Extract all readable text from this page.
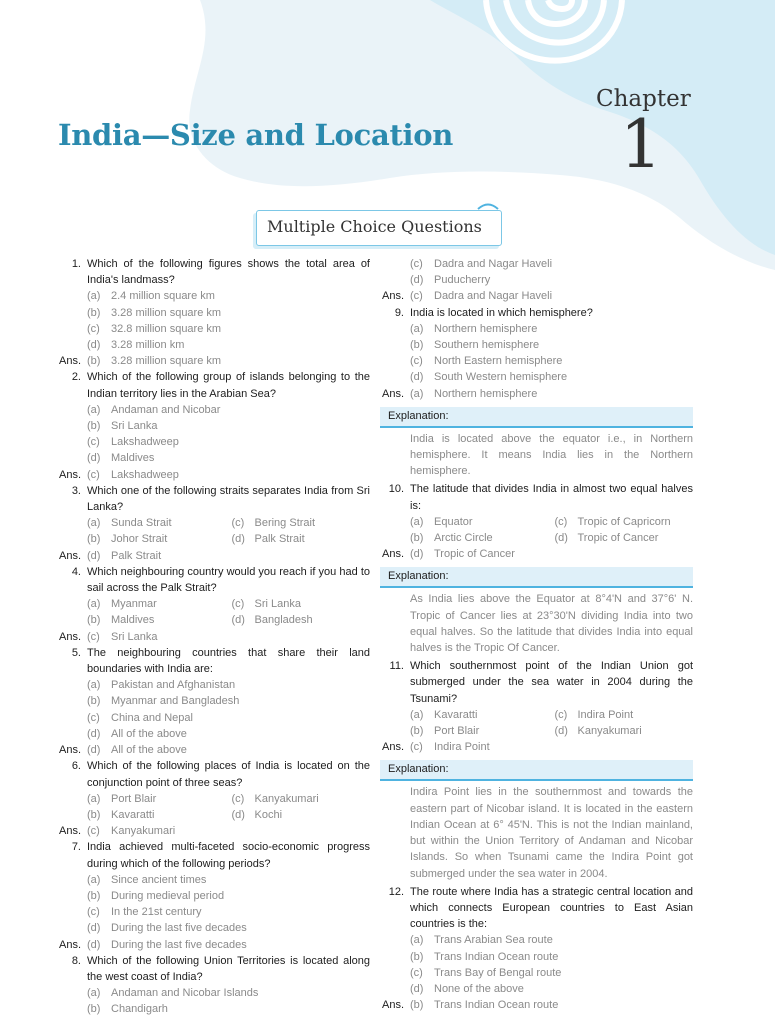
Chapter
1
India—Size and Location
Multiple Choice Questions
1. Which of the following figures shows the total area of India's landmass?
(a) 2.4 million square km
(b) 3.28 million square km
(c) 32.8 million square km
(d) 3.28 million km
Ans. (b) 3.28 million square km
2. Which of the following group of islands belonging to the Indian territory lies in the Arabian Sea?
(a) Andaman and Nicobar
(b) Sri Lanka
(c) Lakshadweep
(d) Maldives
Ans. (c) Lakshadweep
3. Which one of the following straits separates India from Sri Lanka?
(a) Sunda Strait	(c) Bering Strait
(b) Johor Strait	(d) Palk Strait
Ans. (d) Palk Strait
4. Which neighbouring country would you reach if you had to sail across the Palk Strait?
(a) Myanmar	(c) Sri Lanka
(b) Maldives	(d) Bangladesh
Ans. (c) Sri Lanka
5. The neighbouring countries that share their land boundaries with India are:
(a) Pakistan and Afghanistan
(b) Myanmar and Bangladesh
(c) China and Nepal
(d) All of the above
Ans. (d) All of the above
6. Which of the following places of India is located on the conjunction point of three seas?
(a) Port Blair	(c) Kanyakumari
(b) Kavaratti	(d) Kochi
Ans. (c) Kanyakumari
7. India achieved multi-faceted socio-economic progress during which of the following periods?
(a) Since ancient times
(b) During medieval period
(c) In the 21st century
(d) During the last five decades
Ans. (d) During the last five decades
8. Which of the following Union Territories is located along the west coast of India?
(a) Andaman and Nicobar Islands
(b) Chandigarh
(c) Dadra and Nagar Haveli
(d) Puducherry
Ans. (c) Dadra and Nagar Haveli
9. India is located in which hemisphere?
(a) Northern hemisphere
(b) Southern hemisphere
(c) North Eastern hemisphere
(d) South Western hemisphere
Ans. (a) Northern hemisphere
Explanation:
India is located above the equator i.e., in Northern hemisphere. It means India lies in the Northern hemisphere.
10. The latitude that divides India in almost two equal halves is:
(a) Equator	(c) Tropic of Capricorn
(b) Arctic Circle	(d) Tropic of Cancer
Ans. (d) Tropic of Cancer
Explanation:
As India lies above the Equator at 8°4'N and 37°6' N. Tropic of Cancer lies at 23°30'N dividing India into two equal halves. So the latitude that divides India into equal halves is the Tropic Of Cancer.
11. Which southernmost point of the Indian Union got submerged under the sea water in 2004 during the Tsunami?
(a) Kavaratti	(c) Indira Point
(b) Port Blair	(d) Kanyakumari
Ans. (c) Indira Point
Explanation:
Indira Point lies in the southernmost and towards the eastern part of Nicobar island. It is located in the eastern Indian Ocean at 6° 45'N. This is not the Indian mainland, but within the Union Territory of Andaman and Nicobar Islands. So when Tsunami came the Indira Point got submerged under the sea water in 2004.
12. The route where India has a strategic central location and which connects European countries to East Asian countries is the:
(a) Trans Arabian Sea route
(b) Trans Indian Ocean route
(c) Trans Bay of Bengal route
(d) None of the above
Ans. (b) Trans Indian Ocean route
